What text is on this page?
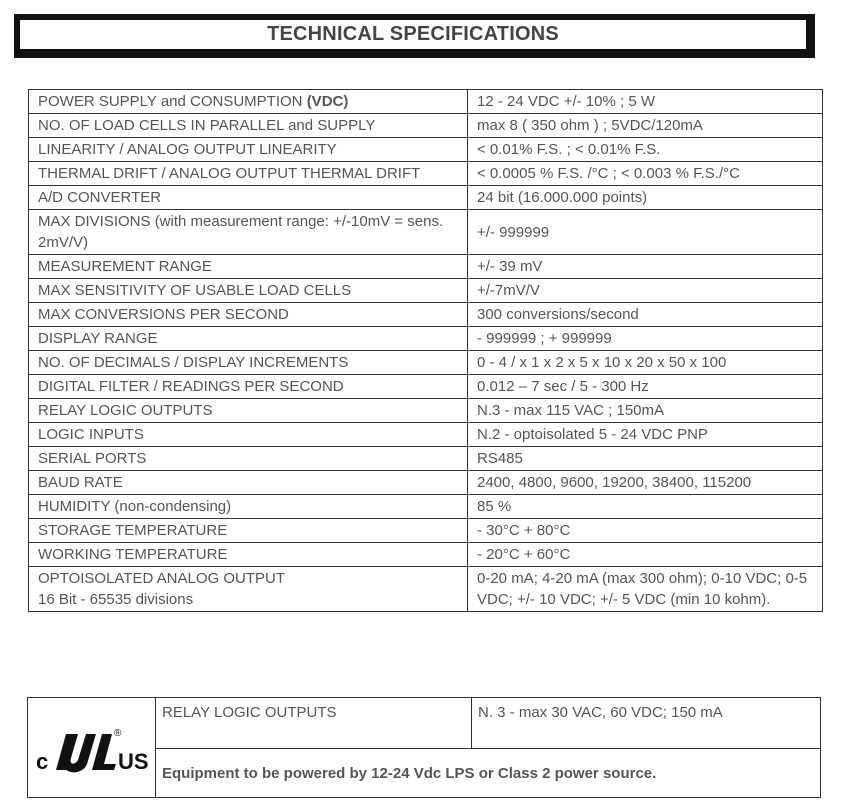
TECHNICAL SPECIFICATIONS
POWER SUPPLY and CONSUMPTION (VDC)	12 - 24 VDC +/- 10% ; 5 W
NO. OF LOAD CELLS IN PARALLEL and SUPPLY	max 8 ( 350 ohm ) ; 5VDC/120mA
LINEARITY / ANALOG OUTPUT LINEARITY	< 0.01% F.S. ; < 0.01% F.S.
THERMAL DRIFT / ANALOG OUTPUT THERMAL DRIFT	< 0.0005 % F.S. /°C ; < 0.003 % F.S./°C
A/D CONVERTER	24 bit (16.000.000 points)
MAX DIVISIONS (with measurement range: +/-10mV = sens. 2mV/V)	+/- 999999
MEASUREMENT RANGE	+/- 39 mV
MAX SENSITIVITY OF USABLE LOAD CELLS	+/-7mV/V
MAX CONVERSIONS PER SECOND	300 conversions/second
DISPLAY RANGE	- 999999 ; + 999999
NO. OF DECIMALS / DISPLAY INCREMENTS	0 - 4 / x 1 x 2 x 5 x 10 x 20 x 50 x 100
DIGITAL FILTER / READINGS PER SECOND	0.012 – 7 sec / 5 - 300 Hz
RELAY LOGIC OUTPUTS	N.3 - max 115 VAC ; 150mA
LOGIC INPUTS	N.2 - optoisolated 5 - 24 VDC PNP
SERIAL PORTS	RS485
BAUD RATE	2400, 4800, 9600, 19200, 38400, 115200
HUMIDITY (non-condensing)	85 %
STORAGE TEMPERATURE	- 30°C + 80°C
WORKING TEMPERATURE	- 20°C + 60°C
OPTOISOLATED ANALOG OUTPUT
16 Bit - 65535 divisions	0-20 mA; 4-20 mA (max 300 ohm); 0-10 VDC; 0-5 VDC; +/- 10 VDC; +/- 5 VDC (min 10 kohm).
c
®
US
	RELAY LOGIC OUTPUTS	N. 3 - max 30 VAC, 60 VDC; 150 mA
Equipment to be powered by 12-24 Vdc LPS or Class 2 power source.
